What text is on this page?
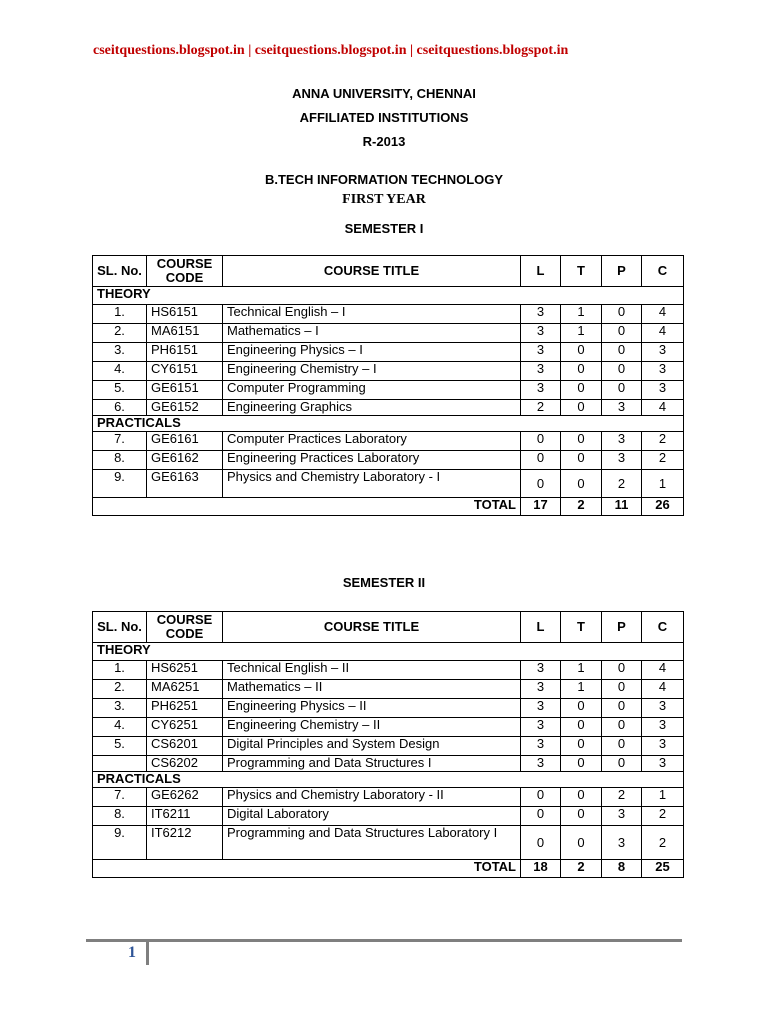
cseitquestions.blogspot.in | cseitquestions.blogspot.in | cseitquestions.blogspot.in
ANNA UNIVERSITY, CHENNAI
AFFILIATED INSTITUTIONS
R-2013
B.TECH INFORMATION TECHNOLOGY
FIRST YEAR
SEMESTER I
SL. No.	COURSE CODE	COURSE TITLE	L	T	P	C
THEORY						
1.	HS6151	Technical English – I	3	1	0	4
2.	MA6151	Mathematics – I	3	1	0	4
3.	PH6151	Engineering Physics – I	3	0	0	3
4.	CY6151	Engineering Chemistry – I	3	0	0	3
5.	GE6151	Computer Programming	3	0	0	3
6.	GE6152	Engineering Graphics	2	0	3	4
PRACTICALS						
7.	GE6161	Computer Practices Laboratory	0	0	3	2
8.	GE6162	Engineering Practices Laboratory	0	0	3	2
9.	GE6163	Physics and Chemistry Laboratory - I	0	0	2	1
TOTAL			17	2	11	26
SEMESTER II
SL. No.	COURSE CODE	COURSE TITLE	L	T	P	C
THEORY						
1.	HS6251	Technical English – II	3	1	0	4
2.	MA6251	Mathematics – II	3	1	0	4
3.	PH6251	Engineering Physics – II	3	0	0	3
4.	CY6251	Engineering Chemistry – II	3	0	0	3
5.	CS6201	Digital Principles and System Design	3	0	0	3
	CS6202	Programming and Data Structures I	3	0	0	3
PRACTICALS						
7.	GE6262	Physics and Chemistry Laboratory - II	0	0	2	1
8.	IT6211	Digital Laboratory	0	0	3	2
9.	IT6212	Programming and Data Structures Laboratory I	0	0	3	2
TOTAL			18	2	8	25
1
